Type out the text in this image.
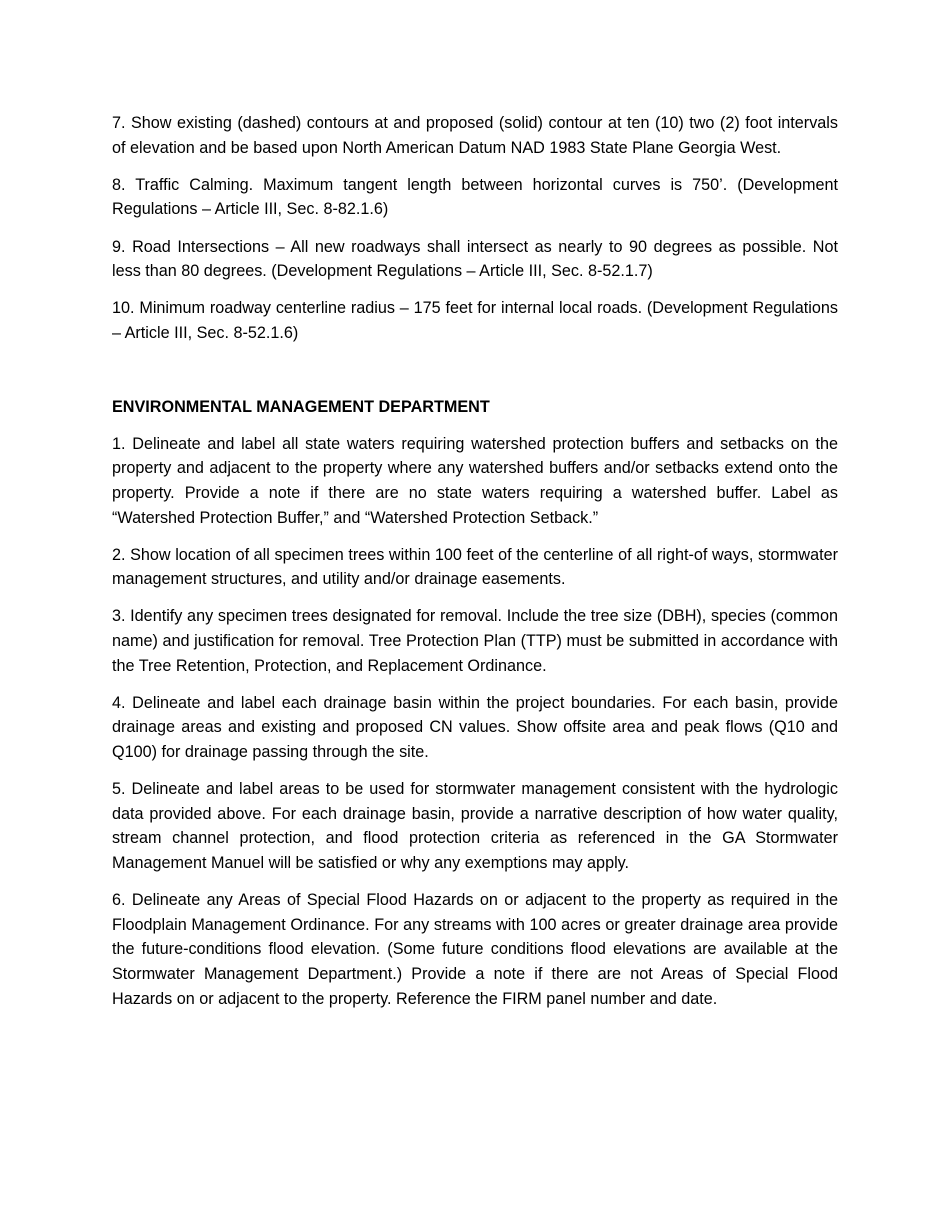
7. Show existing (dashed) contours at and proposed (solid) contour at ten (10) two (2) foot intervals of elevation and be based upon North American Datum NAD 1983 State Plane Georgia West.

8. Traffic Calming. Maximum tangent length between horizontal curves is 750’. (Development Regulations – Article III, Sec. 8-82.1.6)

9. Road Intersections – All new roadways shall intersect as nearly to 90 degrees as possible. Not less than 80 degrees. (Development Regulations – Article III, Sec. 8-52.1.7)

10. Minimum roadway centerline radius – 175 feet for internal local roads. (Development Regulations – Article III, Sec. 8-52.1.6)

ENVIRONMENTAL MANAGEMENT DEPARTMENT

1. Delineate and label all state waters requiring watershed protection buffers and setbacks on the property and adjacent to the property where any watershed buffers and/or setbacks extend onto the property. Provide a note if there are no state waters requiring a watershed buffer. Label as “Watershed Protection Buffer,” and “Watershed Protection Setback.”

2. Show location of all specimen trees within 100 feet of the centerline of all right-of ways, stormwater management structures, and utility and/or drainage easements.

3. Identify any specimen trees designated for removal. Include the tree size (DBH), species (common name) and justification for removal. Tree Protection Plan (TTP) must be submitted in accordance with the Tree Retention, Protection, and Replacement Ordinance.

4. Delineate and label each drainage basin within the project boundaries. For each basin, provide drainage areas and existing and proposed CN values. Show offsite area and peak flows (Q10 and Q100) for drainage passing through the site.

5. Delineate and label areas to be used for stormwater management consistent with the hydrologic data provided above. For each drainage basin, provide a narrative description of how water quality, stream channel protection, and flood protection criteria as referenced in the GA Stormwater Management Manuel will be satisfied or why any exemptions may apply.

6. Delineate any Areas of Special Flood Hazards on or adjacent to the property as required in the Floodplain Management Ordinance. For any streams with 100 acres or greater drainage area provide the future-conditions flood elevation. (Some future conditions flood elevations are available at the Stormwater Management Department.) Provide a note if there are not Areas of Special Flood Hazards on or adjacent to the property. Reference the FIRM panel number and date.
